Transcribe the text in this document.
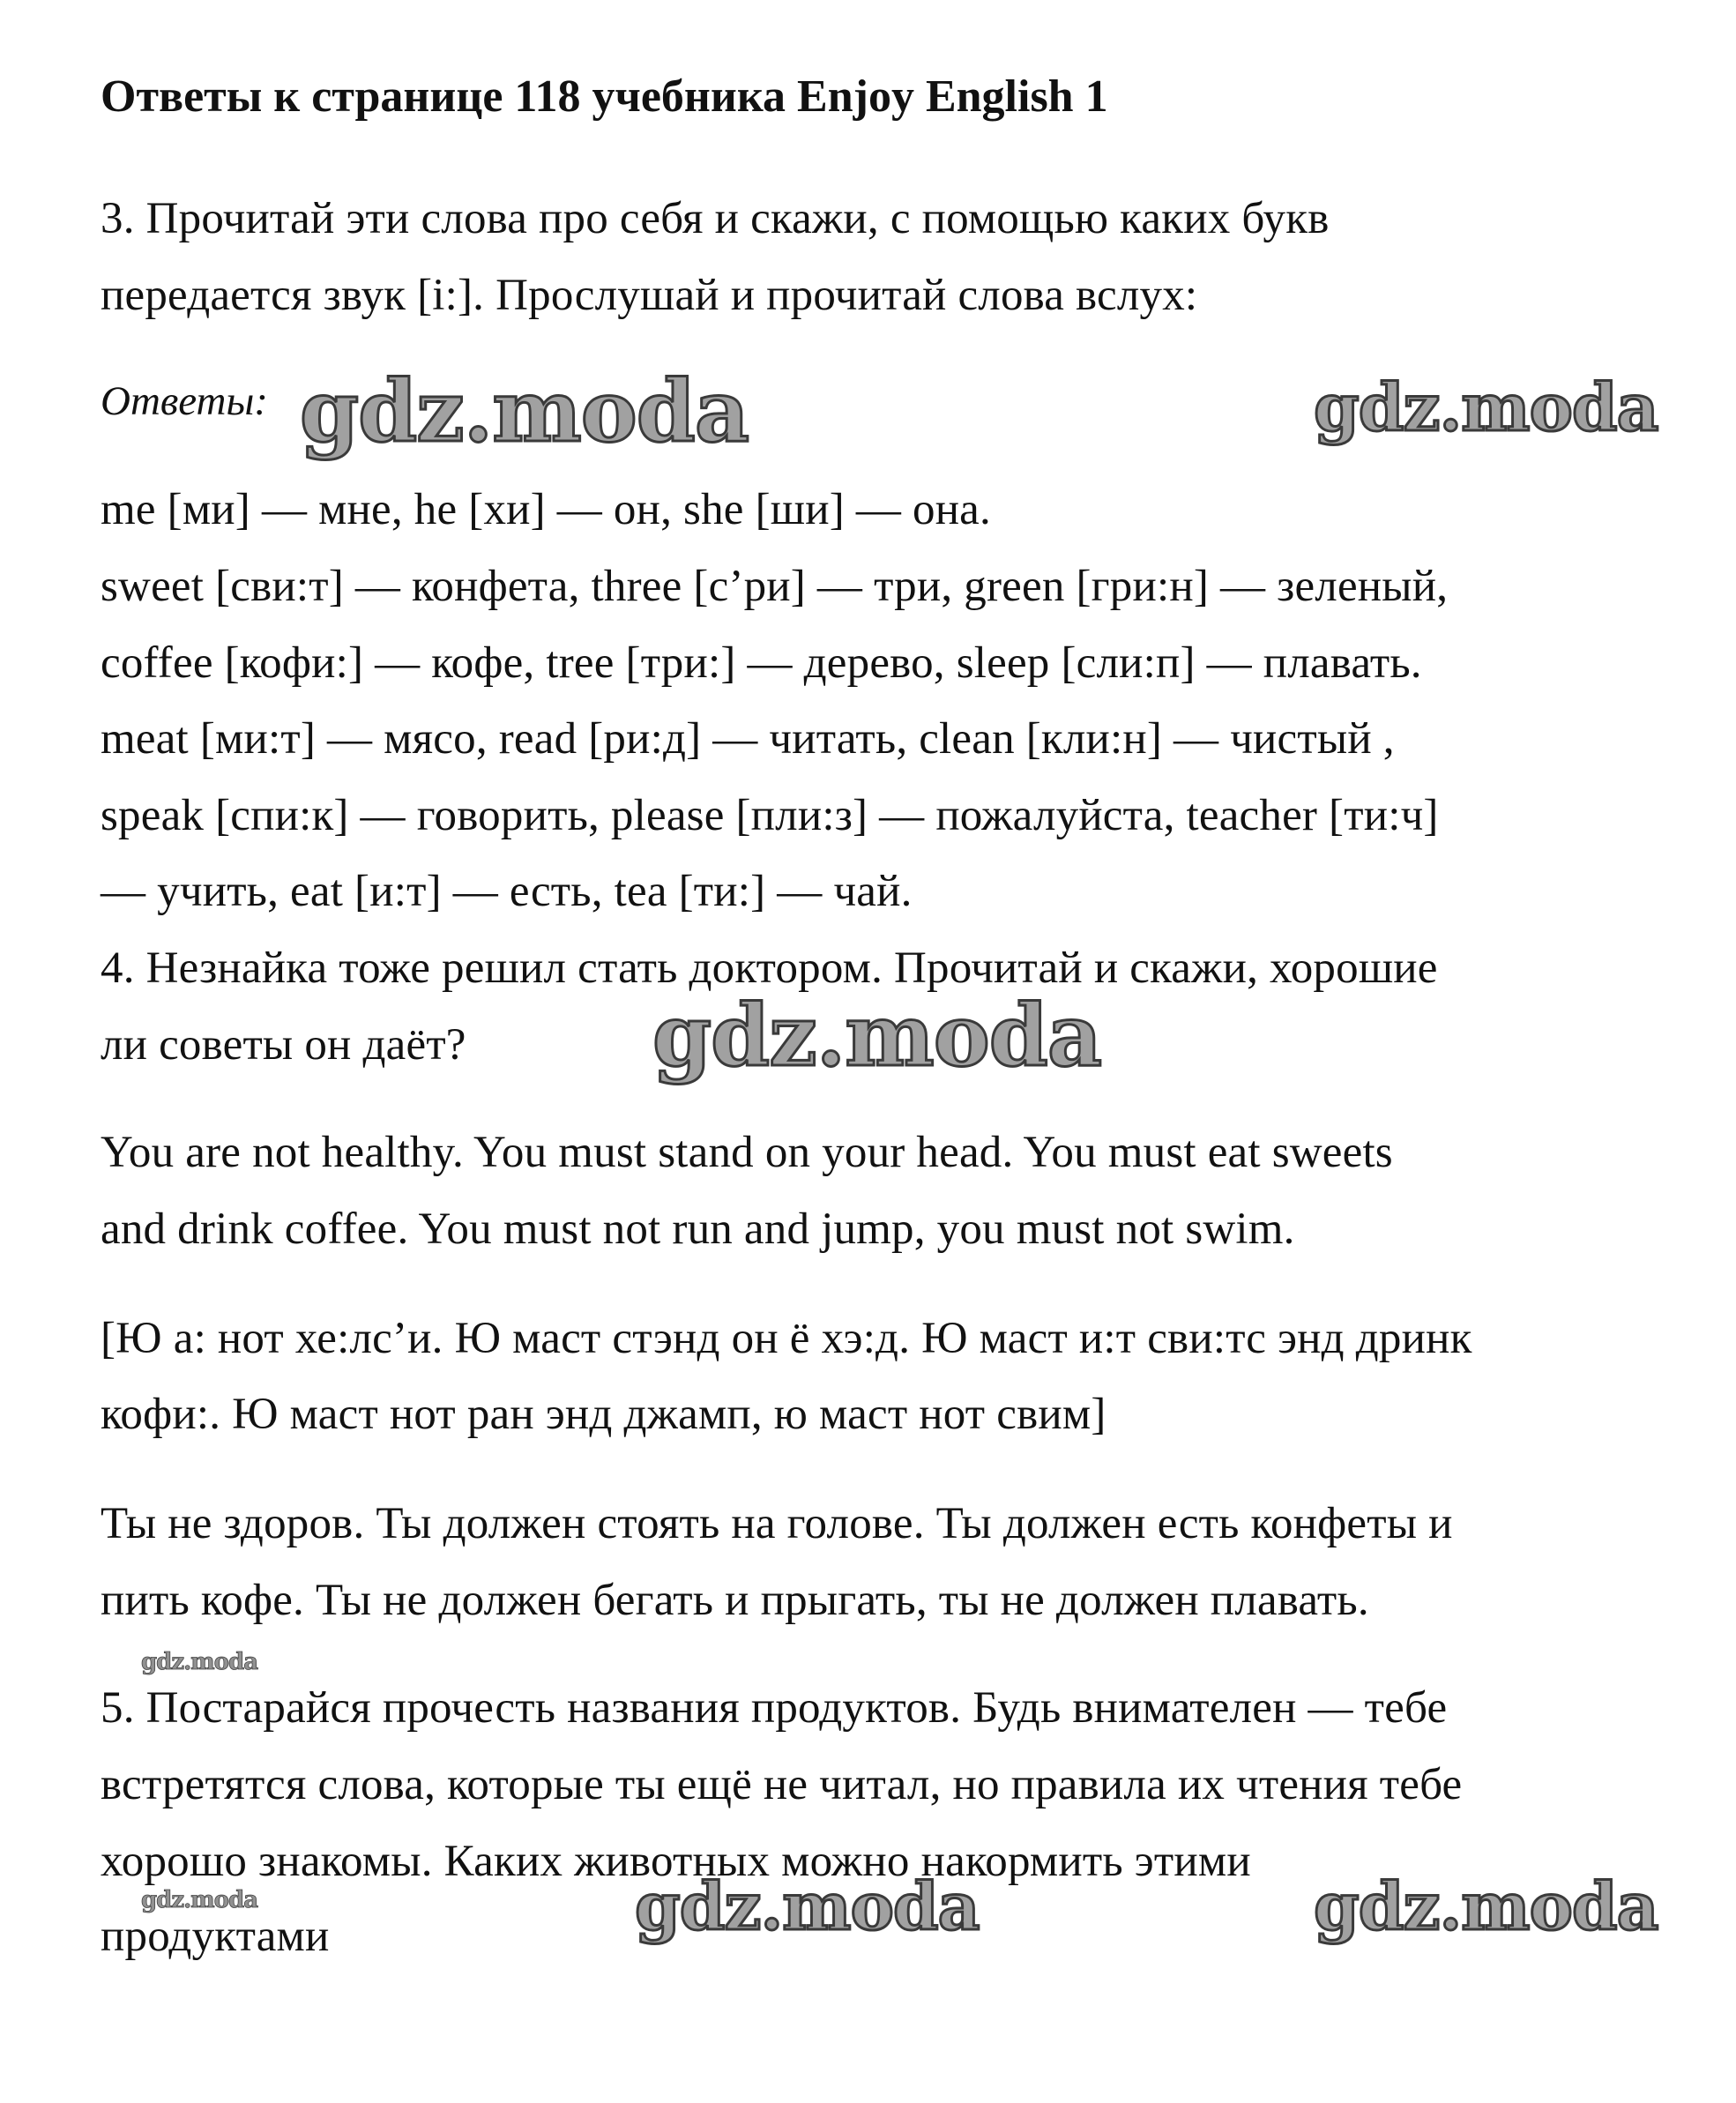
Ответы к странице 118 учебника Enjoy English 1
3. Прочитай эти слова про себя и скажи, с помощью каких букв
передается звук [i:]. Прослушай и прочитай слова вслух:
Ответы:
me [ми] — мне, he [хи] — он, she [ши] — она.
sweet [сви:т] — конфета, three [с’ри] — три, green [гри:н] — зеленый,
coffee [кофи:] — кофе, tree [три:] — дерево, sleep [сли:п] — плавать.
meat [ми:т] — мясо, read [ри:д] — читать, clean [кли:н] — чистый ,
speak [спи:к] — говорить, please [пли:з] — пожалуйста, teacher [ти:ч]
— учить, eat [и:т] — есть, tea [ти:] — чай.
4. Незнайка тоже решил стать доктором. Прочитай и скажи, хорошие
ли советы он даёт?
You are not healthy. You must stand on your head. You must eat sweets
and drink coffee. You must not run and jump, you must not swim.
[Ю а: нот хе:лс’и. Ю маст стэнд он ё хэ:д. Ю маст и:т сви:тс энд дринк
кофи:. Ю маст нот ран энд джамп, ю маст нот свим]
Ты не здоров. Ты должен стоять на голове. Ты должен есть конфеты и
пить кофе. Ты не должен бегать и прыгать, ты не должен плавать.
5. Постарайся прочесть названия продуктов. Будь внимателен — тебе
встретятся слова, которые ты ещё не читал, но правила их чтения тебе
хорошо знакомы. Каких животных можно накормить этими
продуктами
gdz.moda	gdz.moda
gdz.moda
gdz.moda
gdz.moda	gdz.moda	gdz.moda
